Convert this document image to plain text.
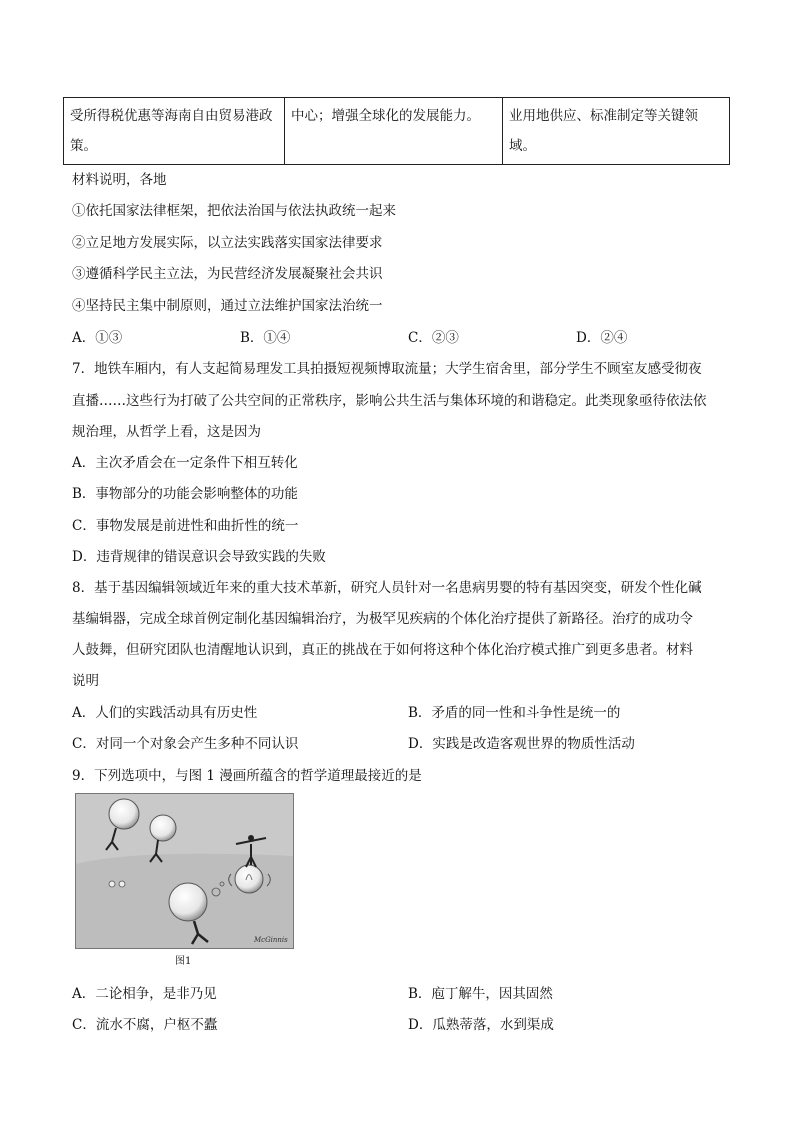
受所得税优惠等海南自由贸易港政策。	中心；增强全球化的发展能力。	业用地供应、标准制定等关键领域。
材料说明，各地
①依托国家法律框架，把依法治国与依法执政统一起来
②立足地方发展实际，以立法实践落实国家法律要求
③遵循科学民主立法，为民营经济发展凝聚社会共识
④坚持民主集中制原则，通过立法维护国家法治统一
A．①③	B．①④	C．②③	D．②④
7．地铁车厢内，有人支起简易理发工具拍摄短视频博取流量；大学生宿舍里，部分学生不顾室友感受彻夜
直播……这些行为打破了公共空间的正常秩序，影响公共生活与集体环境的和谐稳定。此类现象亟待依法依
规治理，从哲学上看，这是因为
A．主次矛盾会在一定条件下相互转化
B．事物部分的功能会影响整体的功能
C．事物发展是前进性和曲折性的统一
D．违背规律的错误意识会导致实践的失败
8．基于基因编辑领域近年来的重大技术革新，研究人员针对一名患病男婴的特有基因突变，研发个性化碱
基编辑器，完成全球首例定制化基因编辑治疗，为极罕见疾病的个体化治疗提供了新路径。治疗的成功令
人鼓舞，但研究团队也清醒地认识到，真正的挑战在于如何将这种个体化治疗模式推广到更多患者。材料
说明
A．人们的实践活动具有历史性	B．矛盾的同一性和斗争性是统一的
C．对同一个对象会产生多种不同认识	D．实践是改造客观世界的物质性活动
9．下列选项中，与图 1 漫画所蕴含的哲学道理最接近的是
McGinnis
图1
A．二论相争，是非乃见	B．庖丁解牛，因其固然
C．流水不腐，户枢不蠹	D．瓜熟蒂落，水到渠成
